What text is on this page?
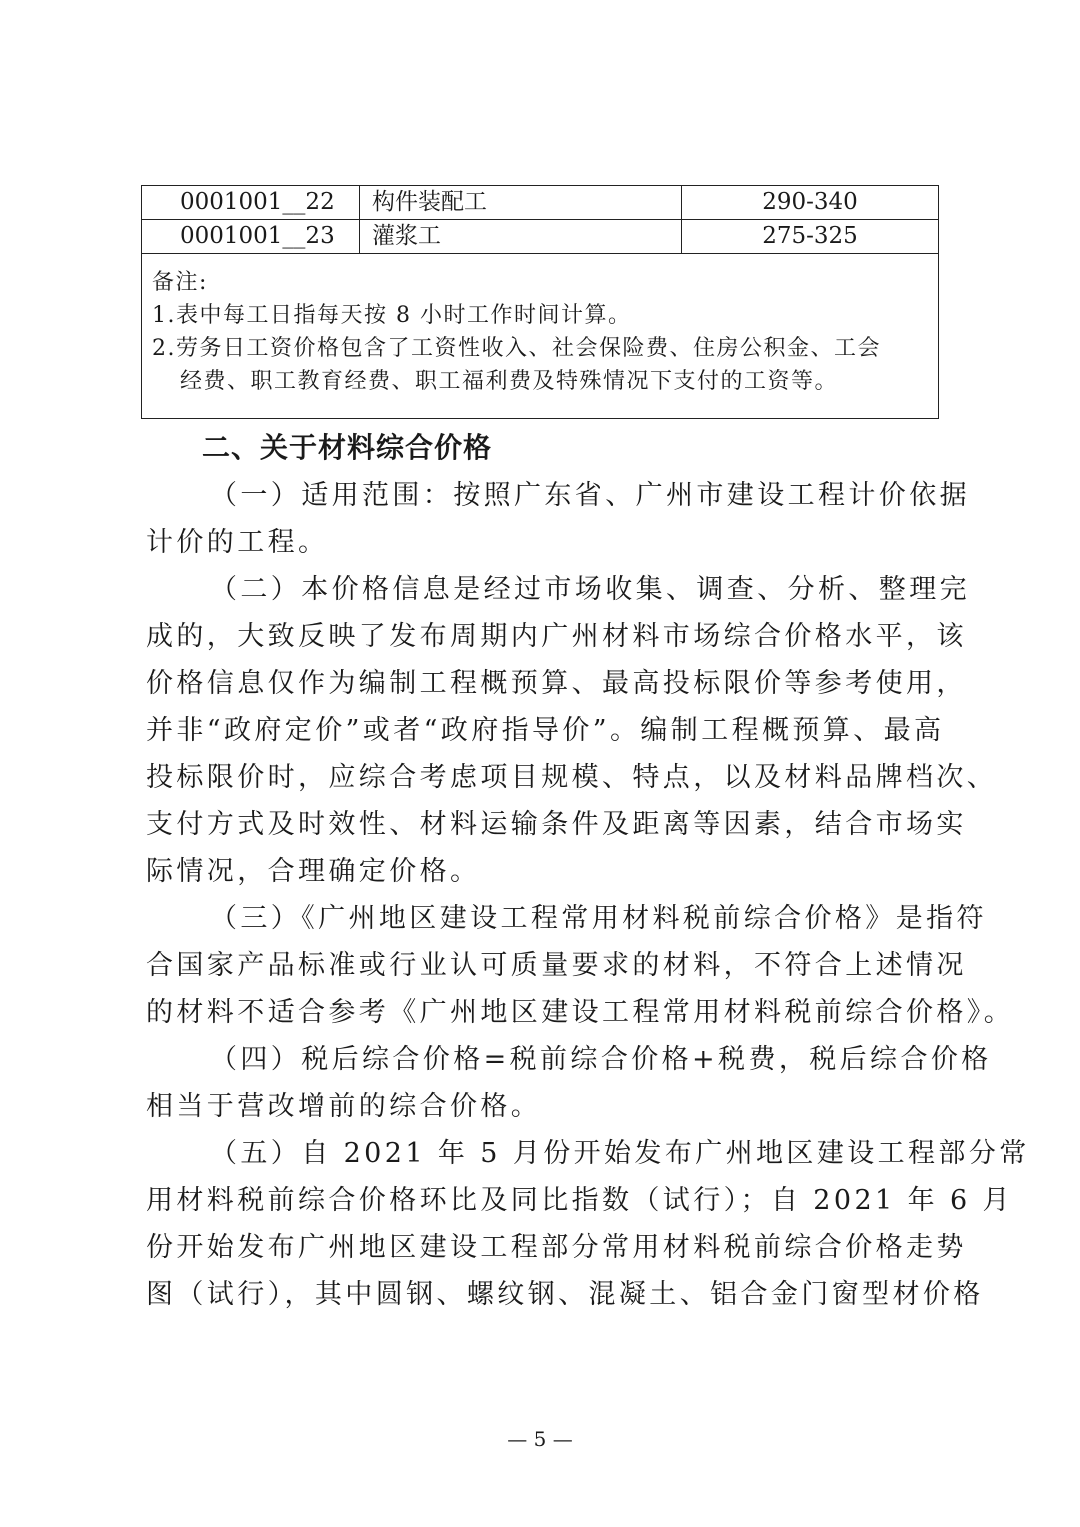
0001001__22	构件装配工	290-340
0001001__23	灌浆工	275-325
备注:
1.表中每工日指每天按 8 小时工作时间计算。
2.劳务日工资价格包含了工资性收入、社会保险费、住房公积金、工会
经费、职工教育经费、职工福利费及特殊情况下支付的工资等。
二、关于材料综合价格
（一）适用范围：按照广东省、广州市建设工程计价依据
计价的工程。
（二）本价格信息是经过市场收集、调查、分析、整理完
成的，大致反映了发布周期内广州材料市场综合价格水平，该
价格信息仅作为编制工程概预算、最高投标限价等参考使用，
并非“政府定价”或者“政府指导价”。编制工程概预算、最高
投标限价时，应综合考虑项目规模、特点，以及材料品牌档次、
支付方式及时效性、材料运输条件及距离等因素，结合市场实
际情况，合理确定价格。
（三）《广州地区建设工程常用材料税前综合价格》是指符
合国家产品标准或行业认可质量要求的材料，不符合上述情况
的材料不适合参考《广州地区建设工程常用材料税前综合价格》。
（四）税后综合价格=税前综合价格+税费，税后综合价格
相当于营改增前的综合价格。
（五）自 2021 年 5 月份开始发布广州地区建设工程部分常
用材料税前综合价格环比及同比指数（试行）；自 2021 年 6 月
份开始发布广州地区建设工程部分常用材料税前综合价格走势
图（试行），其中圆钢、螺纹钢、混凝土、铝合金门窗型材价格
— 5 —
